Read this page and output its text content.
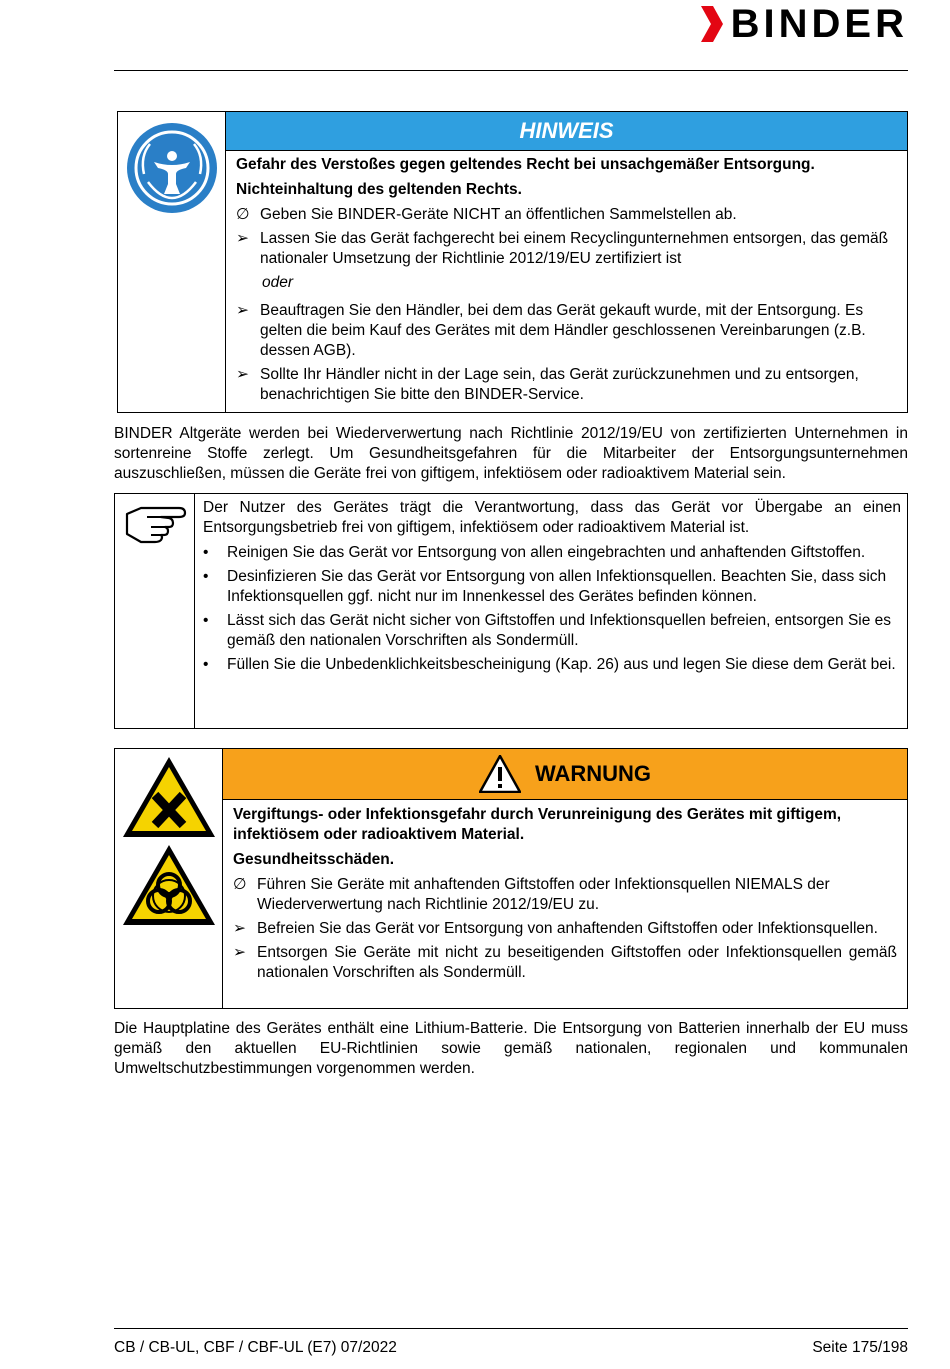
BINDER
HINWEIS
Gefahr des Verstoßes gegen geltendes Recht bei unsachgemäßer Entsorgung.
Nichteinhaltung des geltenden Rechts.
∅ Geben Sie BINDER-Geräte NICHT an öffentlichen Sammelstellen ab.
➢ Lassen Sie das Gerät fachgerecht bei einem Recyclingunternehmen entsorgen, das gemäß nationaler Umsetzung der Richtlinie 2012/19/EU zertifiziert ist
oder
➢ Beauftragen Sie den Händler, bei dem das Gerät gekauft wurde, mit der Entsorgung. Es gelten die beim Kauf des Gerätes mit dem Händler geschlossenen Vereinbarungen (z.B. dessen AGB).
➢ Sollte Ihr Händler nicht in der Lage sein, das Gerät zurückzunehmen und zu entsorgen, benachrichtigen Sie bitte den BINDER-Service.

BINDER Altgeräte werden bei Wiederverwertung nach Richtlinie 2012/19/EU von zertifizierten Unternehmen in sortenreine Stoffe zerlegt. Um Gesundheitsgefahren für die Mitarbeiter der Entsorgungsunternehmen auszuschließen, müssen die Geräte frei von giftigem, infektiösem oder radioaktivem Material sein.

Der Nutzer des Gerätes trägt die Verantwortung, dass das Gerät vor Übergabe an einen Entsorgungsbetrieb frei von giftigem, infektiösem oder radioaktivem Material ist.
•	Reinigen Sie das Gerät vor Entsorgung von allen eingebrachten und anhaftenden Giftstoffen.
•	Desinfizieren Sie das Gerät vor Entsorgung von allen Infektionsquellen. Beachten Sie, dass sich Infektionsquellen ggf. nicht nur im Innenkessel des Gerätes befinden können.
•	Lässt sich das Gerät nicht sicher von Giftstoffen und Infektionsquellen befreien, entsorgen Sie es gemäß den nationalen Vorschriften als Sondermüll.
•	Füllen Sie die Unbedenklichkeitsbescheinigung (Kap. 26) aus und legen Sie diese dem Gerät bei.
WARNUNG
Vergiftungs- oder Infektionsgefahr durch Verunreinigung des Gerätes mit giftigem, infektiösem oder radioaktivem Material.
Gesundheitsschäden.
∅ Führen Sie Geräte mit anhaftenden Giftstoffen oder Infektionsquellen NIEMALS der Wiederverwertung nach Richtlinie 2012/19/EU zu.
➢ Befreien Sie das Gerät vor Entsorgung von anhaftenden Giftstoffen oder Infektionsquellen.
➢ Entsorgen Sie Geräte mit nicht zu beseitigenden Giftstoffen oder Infektionsquellen gemäß nationalen Vorschriften als Sondermüll.

Die Hauptplatine des Gerätes enthält eine Lithium-Batterie. Die Entsorgung von Batterien innerhalb der EU muss gemäß den aktuellen EU-Richtlinien sowie gemäß nationalen, regionalen und kommunalen Umweltschutzbestimmungen vorgenommen werden.

CB / CB-UL, CBF / CBF-UL (E7) 07/2022	Seite 175/198
